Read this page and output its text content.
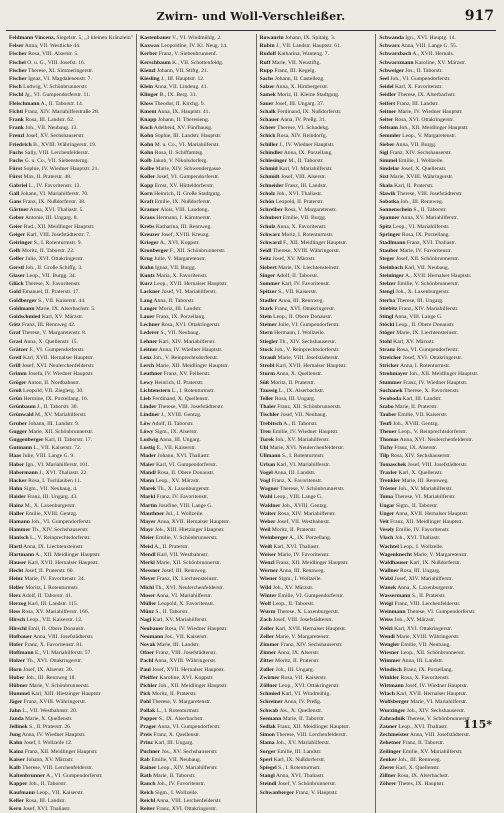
Zwirn- und Woll-Verschleißer.	917
Feldmann Vincenz, Siegelstr. 5, „3 kleinen Kränzlein"
Felser Anna, VII. Westliche 44.
Fischer Rosa, VIII. Alserstr. 5.
Fischel O. u. G., VIII. Josefst. 16.
Fischer Therese, XI. Simmeringerstr.
Fischer Ignaz, VI. Magdalenenstr. 7.
Fisch Ludwig, V. Schönbrunnerstr.
Fischl Jg., VI. Gumpendorferstr. 11.
Fleischmann A., II. Taborstr. 14.
Fichtl Franz, XIV. Mariahilferstraße 28.
Frank Rosa, III. Landstr. 62.
Frank Joh., VII. Neubaug. 13.
Frenzl Josef, XV. Sechshauserstr.
Friedrich B., XVIII. Währingerstr. 19.
Fuchs Sally, VIII. Lerchenfelderstr.
Fuchs G. u. Co., VII. Siebensterng.
Fürst Sophie, IV. Wiedner Hauptstr. 21.
Fürst Max, II. Praterstr. 48.
Gabriel L., IV. Favoritenstr. 13.
Gall Johann, VI. Mariahilferstr. 70.
Gans Franz, IX. Nußdorferstr. 38.
Gärtner Anna, XVI. Thaliastr. 5.
Geber Antonie, III. Ungarg. 8.
Geier Rud., XII. Meidlinger Hauptstr.
Geiger Karl, VIII. Josefstädterstr. 7.
Geiringer S., I. Rotenturmstr. 9.
Gelb Moritz, II. Taborstr. 22.
Geller Julie, XVI. Ottakringerstr.
Gerstl Joh., II. Große Schiffg. 3.
Glaser Leop., VII. Burgg. 34.
Glück Therese, X. Favoritenstr.
Gold Emanuel, II. Praterstr. 17.
Goldberger S., VII. Kaiserstr. 44.
Goldmann Marie, IX. Alserbachstr. 5.
Goldschmied Karl, XV. Märzstr.
Götz Franz, III. Rennweg 42.
Graf Therese, V. Margaretenstr. 8.
Grasl Anna, X. Quellenstr. 15.
Grätzer F., VI. Gumpendorferstr.
Greif Karl, XVII. Hernalser Hauptstr.
Grill Josef, XVI. Neulerchenfelderstr.
Grimm Josefa, IV. Wiedner Hauptstr.
Gröger Anton, II. Nordbahnstr.
Groß Leopold, VII. Zieglerg. 30.
Grün Hermine, IX. Porzellang. 16.
Grünbaum J., II. Taborstr. 30.
Grünwald M., XV. Mariahilferstr.
Gruber Johann, III. Landstr. 9.
Gugger Marie, XII. Schönbrunnerstr.
Guggenberger Karl, II. Taborstr. 17.
Gutmann L., VII. Kaiserstr. 72.
Haas Julie, VIII. Lange G. 9.
Haber Ign., VI. Mariahilferstr. 101.
Habermann J., XVI. Thaliastr. 22.
Hacker Rosa, I. Tuchlauben 11.
Hahn Sigm., VII. Neubaug. 4.
Haider Franz, III. Ungarg. 43.
Hainz M., X. Laxenburgerstr.
Haller Emilie, XVIII. Gentzg.
Hamann Joh., VI. Gumpendorferstr.
Hammer Th., XIV. Sechshauserstr.
Hanisch L., V. Reinprechtsdorferstr.
Hartl Anna, IX. Liechtensteinstr.
Hartmann A., XII. Meidlinger Hauptstr.
Hauser Karl, XVII. Hernalser Hauptstr.
Hecht Josef, II. Praterstr. 60.
Heinz Marie, IV. Favoritenstr. 34.
Heller Moritz, I. Rotenturmstr.
Herz Adolf, II. Taborstr. 41.
Herzog Karl, III. Landstr. 115.
Hess Rosa, XV. Mariahilferstr. 166.
Hirsch Leop., VII. Kaiserstr. 12.
Hirschl Emil, II. Obere Donaustr.
Hofbauer Anna, VIII. Josefstädterstr.
Hofer Franz, X. Favoritenstr. 81.
Hoffmann E., VI. Mariahilferstr. 57.
Holzer Th., XVI. Ottakringerstr.
Horn Josef, IX. Alserstr. 30.
Huber Joh., III. Rennweg 18.
Hübner Marie, V. Schönbrunnerstr.
Hummel Karl, XIII. Hietzinger Hauptstr.
Jäger Franz, XVIII. Währingerstr.
Jahn L., VII. Westbahnstr. 20.
Janda Marie, X. Quellenstr.
Jellinek S., II. Praterstr. 26.
Jung Anna, IV. Wiedner Hauptstr.
Kahn Josef, I. Wollzeile 12.
Kainz Franz, XII. Meidlinger Hauptstr.
Kaiser Johann, XV. Märzstr.
Kalb Therese, VIII. Lerchenfelderstr.
Kaltenbrunner A., VI. Gumpendorferstr.
Kapper Joh., II. Taborstr.
Kaufmann Leop., VII. Kaiserstr.
Keller Rosa, III. Landstr.
Kern Josef, XVI. Thaliastr.
Kastenbauer V., VI. Windmühlg. 2.
Kaxwax Leopoldine, IV. Kl. Neug. 14.
Kerber Franz, V. Siebenbrunnenf.
Kerschbaum K., VII. Schottenfeldg.
Kienzl Johann, VII. Stiftg. 21.
Kiesling J., III. Hauptstr. 12.
Klein Anna, VII. Lindeng. 41.
Klinger B., IX. Berg. 31.
Kloss Theodor, II. Kirchg. 9.
Kment Anna, IX. Hauptstr. 41.
Knapp Johann, II. Theresieng.
Koch Adelheid, XV. Fünfhausg.
Kohn Sophie, III. Landstr. Hauptstr.
Kohn M. u. Co., VI. Mariahilferstr.
Kohn Rosa, II. Schiffamtsg.
Kolb Jakob, V. Nikolsdorferg.
Kolbe Marie, XIV. Schwendergasse
Koller Josef, VI. Gumpendorferstr.
Kopp Ernst, XV. Hütteldorferstr.
Korn Heinrich, II. Große Stadtgutg.
Kraft Emilie, IX. Nußdorferstr.
Kramer Alois, VIII. Laudong.
Kraus Hermann, I. Kärntnerstr.
Krebs Katharina, III. Rennweg.
Kreuzer Josef, XVIII. Kreuzg.
Krieger A., XVI. Koppstr.
Kronberger F., XII. Schönbrunnerstr.
Krug Julie, V. Margaretenstr.
Kuhn Ignaz, VII. Burgg.
Kuntz Maria, X. Favoritenstr.
Kurz Leop., XVII. Hernalser Hauptstr.
Lackner Josef, VI. Mariahilferstr.
Lang Anna, II. Taborstr.
Langer Moriz, III. Landstr.
Lauer Franz, IX. Porzellang.
Lechner Rosa, XVI. Ottakringerstr.
Lederer S., VII. Neubaug.
Lehner Karl, XIV. Mariahilferstr.
Leitner Anna, IV. Wiedner Hauptstr.
Lenz Joh., V. Reinprechtsdorferstr.
Lerch Marie, XII. Meidlinger Hauptstr.
Leuthner Franz, XV. Felberstr.
Lewy Heinrich, II. Praterstr.
Lichtenstern L., I. Rotenturmstr.
Lieb Ferdinand, X. Quellenstr.
Linder Therese, VIII. Josefstädterstr.
Lindner J., XVIII. Gentzg.
Löw Adolf, II. Taborstr.
Löwy Sigm., IX. Alserstr.
Ludwig Anna, III. Ungarg.
Lustig E., VII. Kaiserstr.
Mader Johann, XVI. Thaliastr.
Maier Karl, VI. Gumpendorferstr.
Mandl Rosa, II. Obere Donaustr.
Mann Leop., XV. Märzstr.
Marek Th., X. Laxenburgerstr.
Markl Franz, IV. Favoritenstr.
Martin Josefine, VIII. Lange G.
Mauthner Jul., I. Wollzeile.
Mayer Anna, XVII. Hernalser Hauptstr.
Mayr Joh., XIII. Hietzinger Hauptstr.
Meier Emilie, V. Schönbrunnerstr.
Meisl A., II. Praterstr.
Mendl Karl, VII. Westbahnstr.
Merkl Marie, XII. Schönbrunnerstr.
Messner Josef, III. Rennweg.
Meyer Franz, IX. Liechtensteinstr.
Michl Th., XVI. Neulerchenfelderstr.
Moser Anna, VI. Mariahilferstr.
Müller Leopold, X. Favoritenstr.
Münz S., II. Taborstr.
Nagl Karl, XV. Mariahilferstr.
Neubauer Rosa, IV. Wiedner Hauptstr.
Neumann Jos., VII. Kaiserstr.
Novak Marie, III. Landstr.
Ofner Franz, VIII. Josefstädterstr.
Pachl Anna, XVIII. Währingerstr.
Paul Josef, XVII. Hernalser Hauptstr.
Pfeiffer Karoline, XVI. Koppstr.
Pichler Joh., XII. Meidlinger Hauptstr.
Pick Moritz, II. Praterstr.
Pohl Therese, V. Margaretenstr.
Pollak L., I. Rotenturmstr.
Popper S., IX. Alserbachstr.
Prager Anna, VI. Gumpendorferstr.
Preis Franz, X. Quellenstr.
Prinz Karl, III. Ungarg.
Puchner Jos., XV. Sechshauserstr.
Rab Emilie, VII. Neubaug.
Rainer Leop., XIV. Mariahilferstr.
Rath Marie, II. Taborstr.
Rauch Joh., IV. Favoritenstr.
Reich Sigm., I. Wollzeile.
Reichl Anna, VIII. Lerchenfelderstr.
Reiter Franz, XVI. Ottakringerstr.
Rowanrin Johann, IX. Spitalg. 3.
Rubin J., VII. Landstr. Hauptstr. 61.
Rudolf Katharina, Wanteng. 7.
Ruff Marie, VII. Neustiftg.
Rupp Franz, III. Kegelg.
Sachs Johann, II. Castellezg.
Salzer Anna, X. Himbergerstr.
Samek Moriz, II. Kleine Stadtgutg.
Sauer Josef, III. Ungarg. 37.
Schalk Ferdinand, IX. Nußdorferstr.
Schauer Anna, IV. Preßg. 31.
Scheer Therese, VI. Schadekg.
Schick Rosa, XIV. Reindorfg.
Schiller J., IV. Wiedner Hauptstr.
Schindler Anna, IX. Porzellang.
Schlesinger M., II. Taborstr.
Schmid Karl, VI. Mariahilferstr.
Schmidt Josef, VIII. Alserstr.
Schneider Franz, III. Landstr.
Scholz Joh., XVI. Thaliastr.
Schön Leopold, II. Praterstr.
Schreiber Rosa, V. Margaretenstr.
Schubert Emilie, VII. Burgg.
Schulz Anna, X. Favoritenstr.
Schwarz Moriz, I. Rotenturmstr.
Schwarzl F., XII. Meidlinger Hauptstr.
Seidl Therese, XVIII. Währingerstr.
Seitz Josef, XV. Märzstr.
Siebert Marie, IX. Liechtensteinstr.
Singer Adolf, II. Taborstr.
Sommer Karl, IV. Favoritenstr.
Spitzer S., VII. Kaiserstr.
Stadler Anna, III. Rennweg.
Stark Franz, XVI. Ottakringerstr.
Stein Leop., II. Obere Donaustr.
Steiner Julie, VI. Gumpendorferstr.
Stern Hermann, I. Wollzeile.
Stiegler Th., XIV. Sechshauserstr.
Stock Joh., V. Reinprechtsdorferstr.
Strauß Marie, VIII. Josefstädterstr.
Strobl Karl, XVII. Hernalser Hauptstr.
Sturm Anna, X. Quellenstr.
Süß Moritz, II. Praterstr.
Taussig L., IX. Alserbachstr.
Teller Rosa, III. Ungarg.
Thaler Franz, XII. Schönbrunnerstr.
Tischler Josef, VII. Neubaug.
Trebitsch A., II. Taborstr.
Treu Emilie, IV. Wiedner Hauptstr.
Turek Joh., XV. Mariahilferstr.
Uhl Marie, XVI. Neulerchenfelderstr.
Ullmann S., I. Rotenturmstr.
Urban Karl, VI. Mariahilferstr.
Vogel Anna, III. Landstr.
Vogl Franz, X. Favoritenstr.
Wagner Therese, V. Schönbrunnerstr.
Wahl Leop., VIII. Lange G.
Waldner Joh., XVIII. Gentzg.
Walter Rosa, XIV. Mariahilferstr.
Weber Josef, VII. Westbahnstr.
Weil Moritz, II. Praterstr.
Weinberger A., IX. Porzellang.
Weiß Karl, XVI. Thaliastr.
Weiser Marie, IV. Favoritenstr.
Wenzl Franz, XII. Meidlinger Hauptstr.
Werner Anna, III. Rennweg.
Wiener Sigm., I. Wollzeile.
Wild Joh., XV. Märzstr.
Winter Emilie, VI. Gumpendorferstr.
Wolf Leop., II. Taborstr.
Wurm Therese, X. Laxenburgerstr.
Zach Josef, VIII. Josefstädterstr.
Zeiler Karl, XVII. Hernalser Hauptstr.
Zeller Marie, V. Margaretenstr.
Zimmer Franz, XIV. Sechshauserstr.
Zinner Anna, IX. Alserstr.
Zitter Moritz, II. Praterstr.
Zoller Joh., III. Ungarg.
Zwirner Rosa, VII. Kaiserstr.
Zöllner Leop., XVI. Ottakringerstr.
Schmied Karl, VI. Windmühlg.
Schreiner Anna, IV. Preßg.
Schwab Jos., X. Quellenstr.
Seemann Marie, II. Taborstr.
Sedlak Franz, XII. Meidlinger Hauptstr.
Simon Therese, VIII. Lerchenfelderstr.
Slama Joh., XV. Mariahilferstr.
Sorger Emilie, III. Landstr.
Sperl Karl, IX. Nußdorferstr.
Spiegel S., I. Rotenturmstr.
Stangl Anna, XVI. Thaliastr.
Steindl Josef, V. Schönbrunnerstr.
Schwanberger Franz, V. Hauptstr.
Schwanda Ign., XVI. Hauptg. 14.
Schwarz Anna, VIII. Lange G. 55.
Schwarzbach A., XVII. Hernals.
Schwarzmann Karoline, XV. Märzstr.
Schweiger Jos., II. Taborstr.
Seel Joh., VI. Gumpendorferstr.
Seidel Karl, X. Favoritenstr.
Seidler Therese, IX. Alserbachstr.
Seifert Franz, III. Landstr.
Seitner Marie, IV. Wiedner Hauptstr.
Seiter Rosa, XVI. Ottakringerstr.
Seltsam Joh., XII. Meidlinger Hauptstr.
Semmler Leop., V. Margaretenstr.
Sieber Anna, VII. Burgg.
Sigl Franz, XIV. Sechshauserstr.
Simmel Emilie, I. Wollzeile.
Sindelar Josef, X. Quellenstr.
Sixt Marie, XVIII. Währingerstr.
Skala Karl, II. Praterstr.
Slawik Therese, VIII. Josefstädterstr.
Sobotka Joh., III. Rennweg.
Sonnenschein S., II. Taborstr.
Spanner Anna, XV. Mariahilferstr.
Spitz Leop., VI. Mariahilferstr.
Springer Rosa, IX. Porzellang.
Stadlmann Franz, XVI. Thaliastr.
Stauber Marie, IV. Favoritenstr.
Steger Josef, XII. Schönbrunnerstr.
Steinbach Karl, VII. Neubaug.
Steininger A., XVII. Hernalser Hauptstr.
Stelzer Emilie, V. Schönbrunnerstr.
Stengl Joh., X. Laxenburgerstr.
Sterba Therese, III. Ungarg.
Stiebitz Franz, XIV. Mariahilferstr.
Stingl Anna, VIII. Lange G.
Stöckl Leop., II. Obere Donaustr.
Stöger Marie, IX. Liechtensteinstr.
Stohl Karl, XV. Märzstr.
Stranz Rosa, VI. Gumpendorferstr.
Streicher Josef, XVI. Ottakringerstr.
Stricker Anna, I. Rotenturmstr.
Strohmayer Joh., XII. Meidlinger Hauptstr.
Stummer Franz, IV. Wiedner Hauptstr.
Suchanek Therese, X. Favoritenstr.
Swoboda Karl, III. Landstr.
Szabo Marie, II. Praterstr.
Tauber Emilie, VII. Kaiserstr.
Teufl Joh., XVIII. Gentzg.
Theuer Leop., V. Reinprechtsdorferstr.
Thomas Anna, XVI. Neulerchenfelderstr.
Tichy Franz, IX. Alserstr.
Tilp Rosa, XIV. Sechshauserstr.
Tomaschek Josef, VIII. Josefstädterstr.
Traxler Karl, X. Quellenstr.
Trenkler Marie, III. Rennweg.
Tröster Joh., XV. Mariahilferstr.
Tuma Therese, VI. Mariahilferstr.
Ungar Sigm., II. Taborstr.
Unger Anna, XVII. Hernalser Hauptstr.
Veit Franz, XII. Meidlinger Hauptstr.
Vesely Emilie, IV. Favoritenstr.
Vlach Joh., XVI. Thaliastr.
Wachtel Leop., I. Wollzeile.
Wagenknecht Marie, V. Margaretenstr.
Waldhauser Karl, IX. Nußdorferstr.
Wallner Rosa, III. Ungarg.
Walzl Josef, XIV. Mariahilferstr.
Wanek Anna, X. Laxenburgerstr.
Wassermann S., II. Praterstr.
Weigl Franz, VIII. Lerchenfelderstr.
Weinmann Therese, VI. Gumpendorferstr.
Weiss Joh., XV. Märzstr.
Welzl Karl, XVI. Ottakringerstr.
Wendl Marie, XVIII. Währingerstr.
Wengler Emilie, VII. Neubaug.
Wiesner Leop., XII. Schönbrunnerstr.
Wimmer Anna, III. Landstr.
Windisch Franz, IX. Porzellang.
Winkler Rosa, X. Favoritenstr.
Wittmann Josef, IV. Wiedner Hauptstr.
Wlach Karl, XVII. Hernalser Hauptstr.
Wolfsberger Marie, VI. Mariahilferstr.
Wurzinger Joh., XIV. Sechshauserstr.
Zahradnik Therese, V. Schönbrunnerstr.
Zauner Leop., XVI. Thaliastr.
Zechmeister Anna, VIII. Josefstädterstr.
Zehetner Franz, II. Taborstr.
Zeilinger Emilie, XV. Mariahilferstr.
Zenker Joh., III. Rennweg.
Zierer Karl, X. Quellenstr.
Zillner Rosa, IX. Alserbachstr.
Zöhrer Theres, IX. Hauptstr.
115*
